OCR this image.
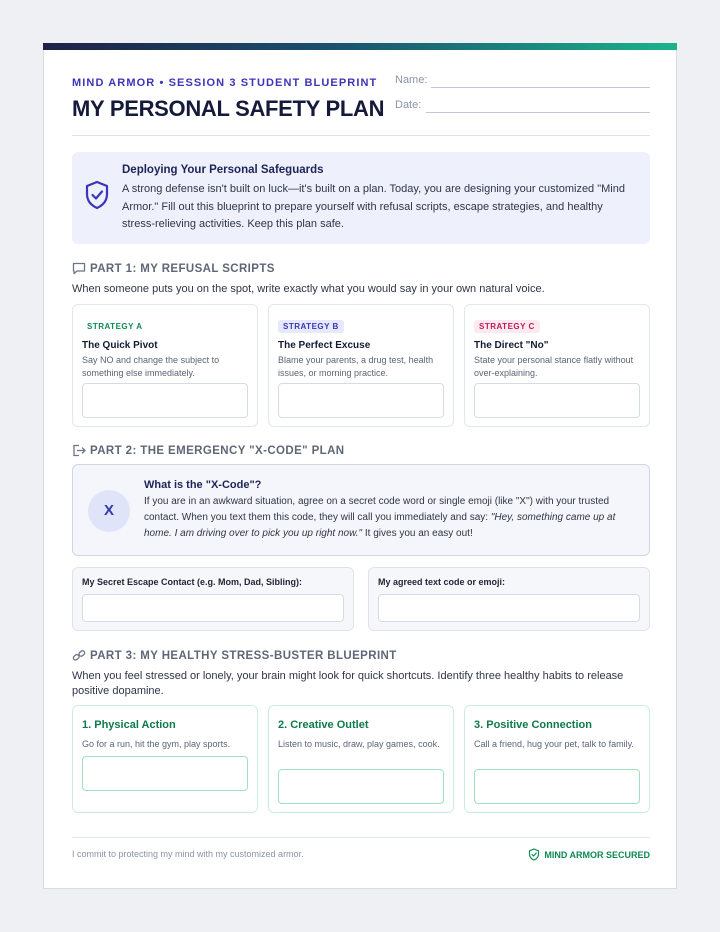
MIND ARMOR • SESSION 3 STUDENT BLUEPRINT
MY PERSONAL SAFETY PLAN
Name:
Date:
Deploying Your Personal Safeguards

A strong defense isn't built on luck—it's built on a plan. Today, you are designing your customized "Mind Armor." Fill out this blueprint to prepare yourself with refusal scripts, escape strategies, and healthy stress-relieving activities. Keep this plan safe.

PART 1: MY REFUSAL SCRIPTS
When someone puts you on the spot, write exactly what you would say in your own natural voice.
STRATEGY A
The Quick Pivot
Say NO and change the subject to something else immediately.
STRATEGY B
The Perfect Excuse
Blame your parents, a drug test, health issues, or morning practice.
STRATEGY C
The Direct "No"
State your personal stance flatly without over-explaining.
PART 2: THE EMERGENCY "X-CODE" PLAN
X
What is the "X-Code"?

If you are in an awkward situation, agree on a secret code word or single emoji (like "X") with your trusted contact. When you text them this code, they will call you immediately and say: "Hey, something came up at home. I am driving over to pick you up right now." It gives you an easy out!

My Secret Escape Contact (e.g. Mom, Dad, Sibling):	My agreed text code or emoji:
PART 3: MY HEALTHY STRESS-BUSTER BLUEPRINT
When you feel stressed or lonely, your brain might look for quick shortcuts. Identify three healthy habits to release positive dopamine.
1. Physical Action
Go for a run, hit the gym, play sports.
2. Creative Outlet
Listen to music, draw, play games, cook.
3. Positive Connection
Call a friend, hug your pet, talk to family.
I commit to protecting my mind with my customized armor.	MIND ARMOR SECURED
